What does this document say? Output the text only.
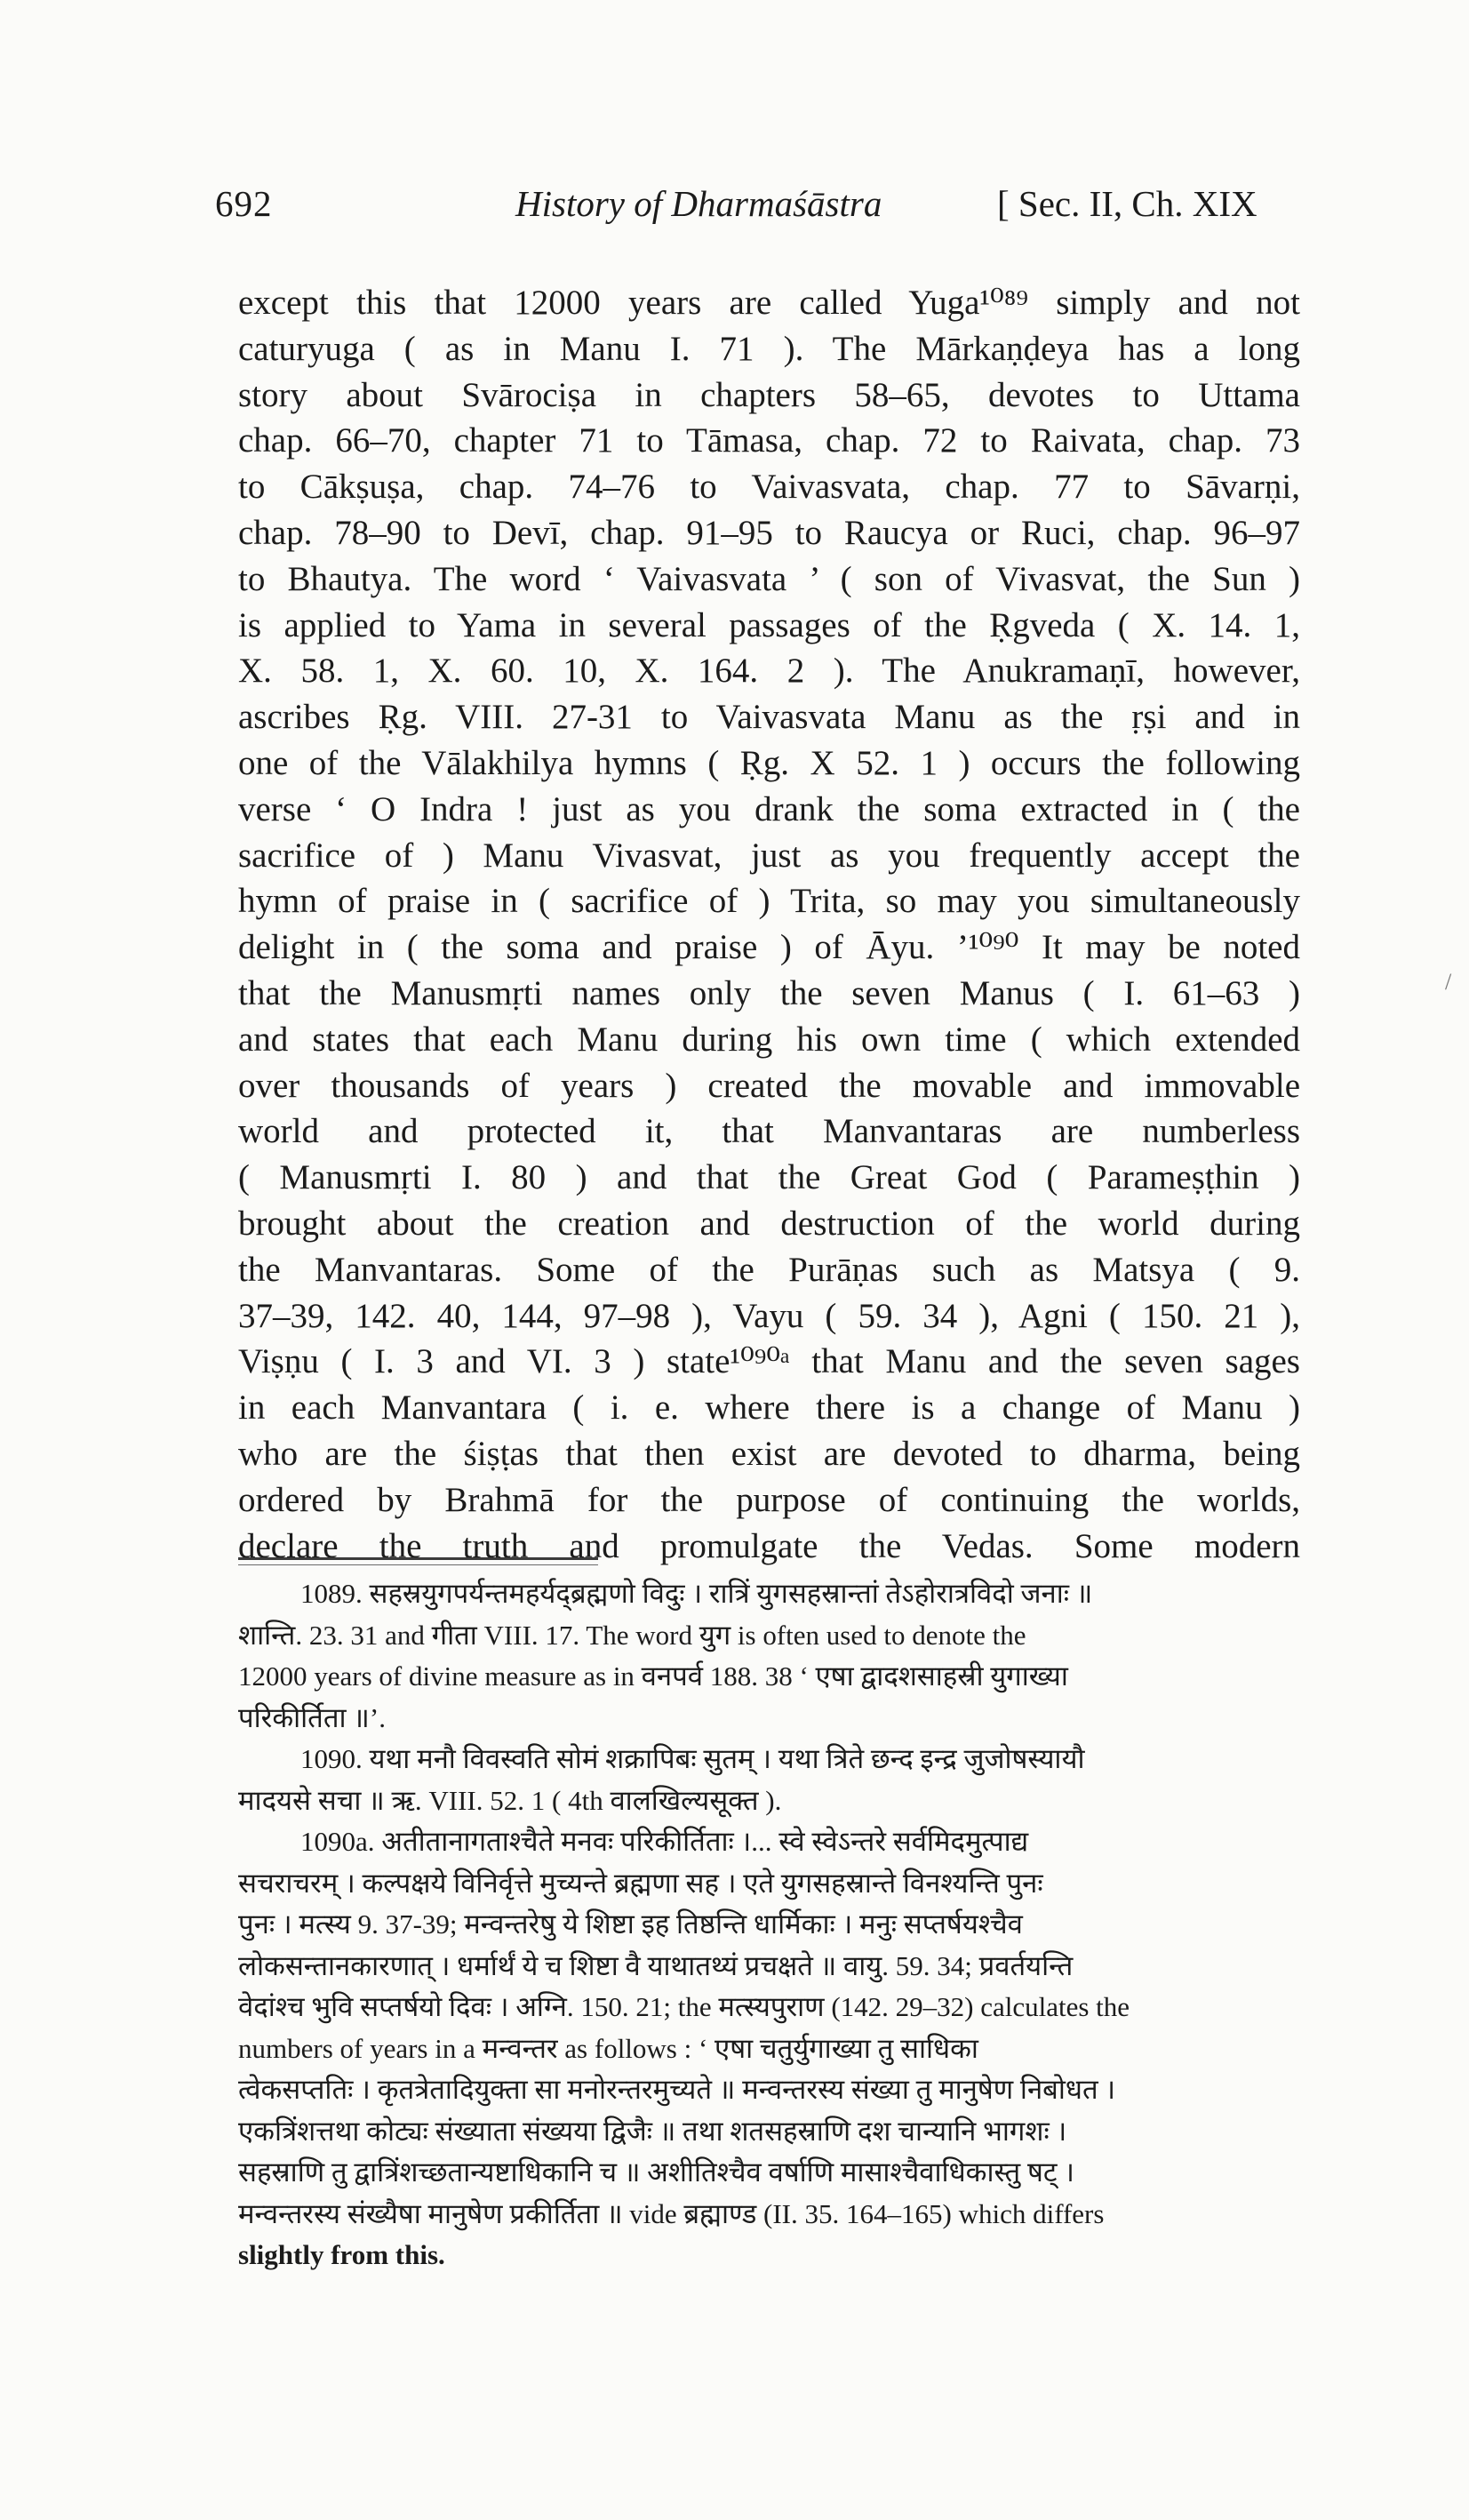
692	History of Dharmaśāstra	[ Sec. II, Ch. XIX
except this that 12000 years are called Yuga¹⁰⁸⁹ simply and not
caturyuga ( as in Manu I. 71 ). The Mārkaṇḍeya has a long
story about Svārociṣa in chapters 58–65, devotes to Uttama
chap. 66–70, chapter 71 to Tāmasa, chap. 72 to Raivata, chap. 73
to Cākṣuṣa, chap. 74–76 to Vaivasvata, chap. 77 to Sāvarṇi,
chap. 78–90 to Devī, chap. 91–95 to Raucya or Ruci, chap. 96–97
to Bhautya. The word ‘ Vaivasvata ’ ( son of Vivasvat, the Sun )
is applied to Yama in several passages of the Ṛgveda ( X. 14. 1,
X. 58. 1, X. 60. 10, X. 164. 2 ). The Anukramaṇī, however,
ascribes Ṛg. VIII. 27-31 to Vaivasvata Manu as the ṛṣi and in
one of the Vālakhilya hymns ( Ṛg. X 52. 1 ) occurs the following
verse ‘ O Indra ! just as you drank the soma extracted in ( the
sacrifice of ) Manu Vivasvat, just as you frequently accept the
hymn of praise in ( sacrifice of ) Trita, so may you simultaneously
delight in ( the soma and praise ) of Āyu. ’¹⁰⁹⁰ It may be noted
that the Manusmṛti names only the seven Manus ( I. 61–63 )
and states that each Manu during his own time ( which extended
over thousands of years ) created the movable and immovable
world and protected it, that Manvantaras are numberless
( Manusmṛti I. 80 ) and that the Great God ( Parameṣṭhin )
brought about the creation and destruction of the world during
the Manvantaras. Some of the Purāṇas such as Matsya ( 9.
37–39, 142. 40, 144, 97–98 ), Vayu ( 59. 34 ), Agni ( 150. 21 ),
Viṣṇu ( I. 3 and VI. 3 ) state¹⁰⁹⁰ᵃ that Manu and the seven sages
in each Manvantara ( i. e. where there is a change of Manu )
who are the śiṣṭas that then exist are devoted to dharma, being
ordered by Brahmā for the purpose of continuing the worlds,
declare the truth and promulgate the Vedas. Some modern
1089. सहस्रयुगपर्यन्तमहर्यद्ब्रह्मणो विदुः । रात्रिं युगसहस्रान्तां तेऽहोरात्रविदो जनाः ॥
शान्ति. 23. 31 and गीता VIII. 17. The word युग is often used to denote the
12000 years of divine measure as in वनपर्व 188. 38 ‘ एषा द्वादशसाहस्री युगाख्या
परिकीर्तिता ॥’.
1090. यथा मनौ विवस्वति सोमं शक्रापिबः सुतम् । यथा त्रिते छन्द इन्द्र जुजोषस्यायौ
मादयसे सचा ॥ ऋ. VIII. 52. 1 ( 4th वालखिल्यसूक्त ).
1090a. अतीतानागताश्चैते मनवः परिकीर्तिताः ।... स्वे स्वेऽन्तरे सर्वमिदमुत्पाद्य
सचराचरम् । कल्पक्षये विनिर्वृत्ते मुच्यन्ते ब्रह्मणा सह । एते युगसहस्रान्ते विनश्यन्ति पुनः
पुनः । मत्स्य 9. 37-39; मन्वन्तरेषु ये शिष्टा इह तिष्ठन्ति धार्मिकाः । मनुः सप्तर्षयश्चैव
लोकसन्तानकारणात् । धर्मार्थं ये च शिष्टा वै याथातथ्यं प्रचक्षते ॥ वायु. 59. 34; प्रवर्तयन्ति
वेदांश्च भुवि सप्तर्षयो दिवः । अग्नि. 150. 21; the मत्स्यपुराण (142. 29–32) calculates the
numbers of years in a मन्वन्तर as follows : ‘ एषा चतुर्युगाख्या तु साधिका
त्वेकसप्ततिः । कृतत्रेतादियुक्ता सा मनोरन्तरमुच्यते ॥ मन्वन्तरस्य संख्या तु मानुषेण निबोधत ।
एकत्रिंशत्तथा कोट्यः संख्याता संख्यया द्विजैः ॥ तथा शतसहस्राणि दश चान्यानि भागशः ।
सहस्राणि तु द्वात्रिंशच्छतान्यष्टाधिकानि च ॥ अशीतिश्चैव वर्षाणि मासाश्चैवाधिकास्तु षट् ।
मन्वन्तरस्य संख्यैषा मानुषेण प्रकीर्तिता ॥ vide ब्रह्माण्ड (II. 35. 164–165) which differs
slightly from this.
/
